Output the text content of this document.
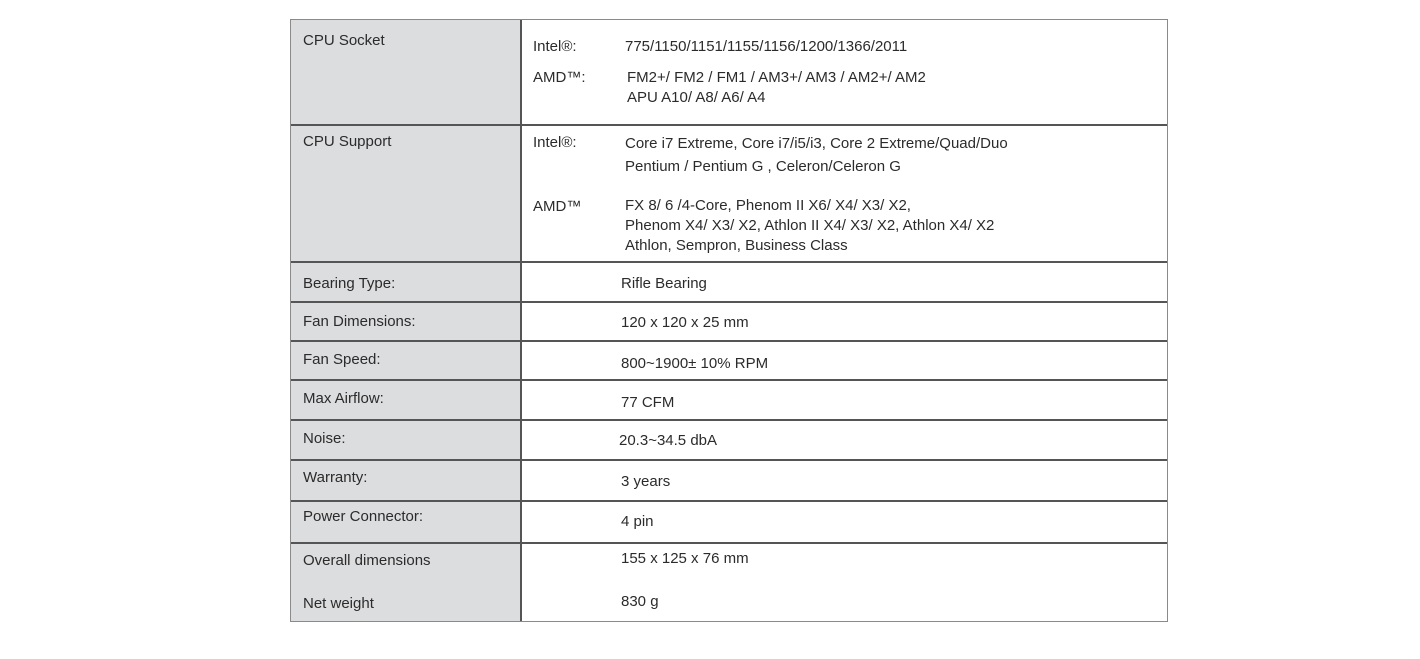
CPU Socket	Intel®:	775/1150/1151/1155/1156/1200/1366/2011
AMD™:	FM2+/ FM2 / FM1 / AM3+/ AM3 / AM2+/ AM2
APU A10/ A8/ A6/ A4
CPU Support	Intel®:	Core i7 Extreme, Core i7/i5/i3, Core 2 Extreme/Quad/Duo
Pentium / Pentium G , Celeron/Celeron G
AMD™	FX 8/ 6 /4-Core, Phenom II X6/ X4/ X3/ X2,
Phenom X4/ X3/ X2, Athlon II X4/ X3/ X2, Athlon X4/ X2
Athlon, Sempron, Business Class
Bearing Type:	Rifle Bearing
Fan Dimensions:	120 x 120 x 25 mm
Fan Speed:	800~1900± 10% RPM
Max Airflow:	77 CFM
Noise:	20.3~34.5 dbA
Warranty:	3 years
Power Connector:	4 pin
Overall dimensions	155 x 125 x 76 mm
Net weight	830 g
